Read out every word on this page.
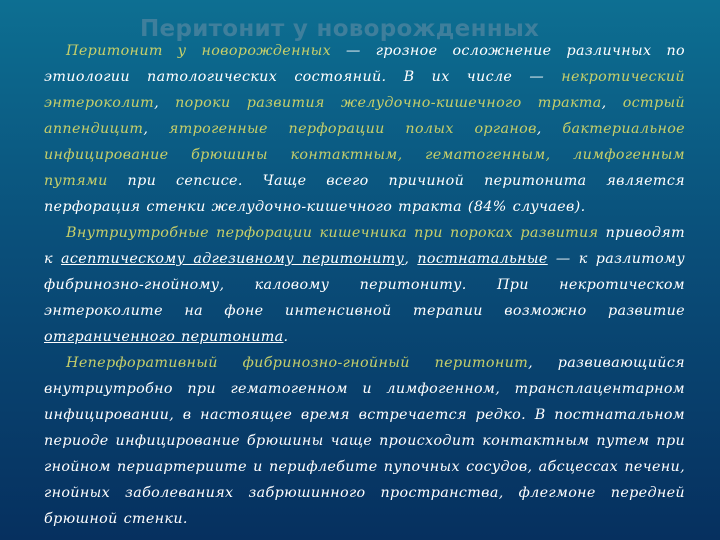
Перитонит у новорожденных

Перитонит у новорожденных — грозное осложнение различных по этиологии патологических состояний. В их числе — некротический энтероколит, пороки развития желудочно-кишечного тракта, острый аппендицит, ятрогенные перфорации полых органов, бактериальное инфицирование брюшины контактным, гематогенным, лимфогенным путями при сепсисе. Чаще всего причиной перитонита является перфорация стенки желудочно-кишечного тракта (84% случаев).

Внутриутробные перфорации кишечника при пороках развития приводят к асептическому адгезивному перитониту, постнатальные — к разлитому фибринозно-гнойному, каловому перитониту. При некротическом энтероколите на фоне интенсивной терапии возможно развитие отграниченного перитонита.

Неперфоративный фибринозно-гнойный перитонит, развивающийся внутриутробно при гематогенном и лимфогенном, трансплацентарном инфицировании, в настоящее время встречается редко. В постнатальном периоде инфицирование брюшины чаще происходит контактным путем при гнойном периартериите и перифлебите пупочных сосудов, абсцессах печени, гнойных заболеваниях забрюшинного пространства, флегмоне передней брюшной стенки.
